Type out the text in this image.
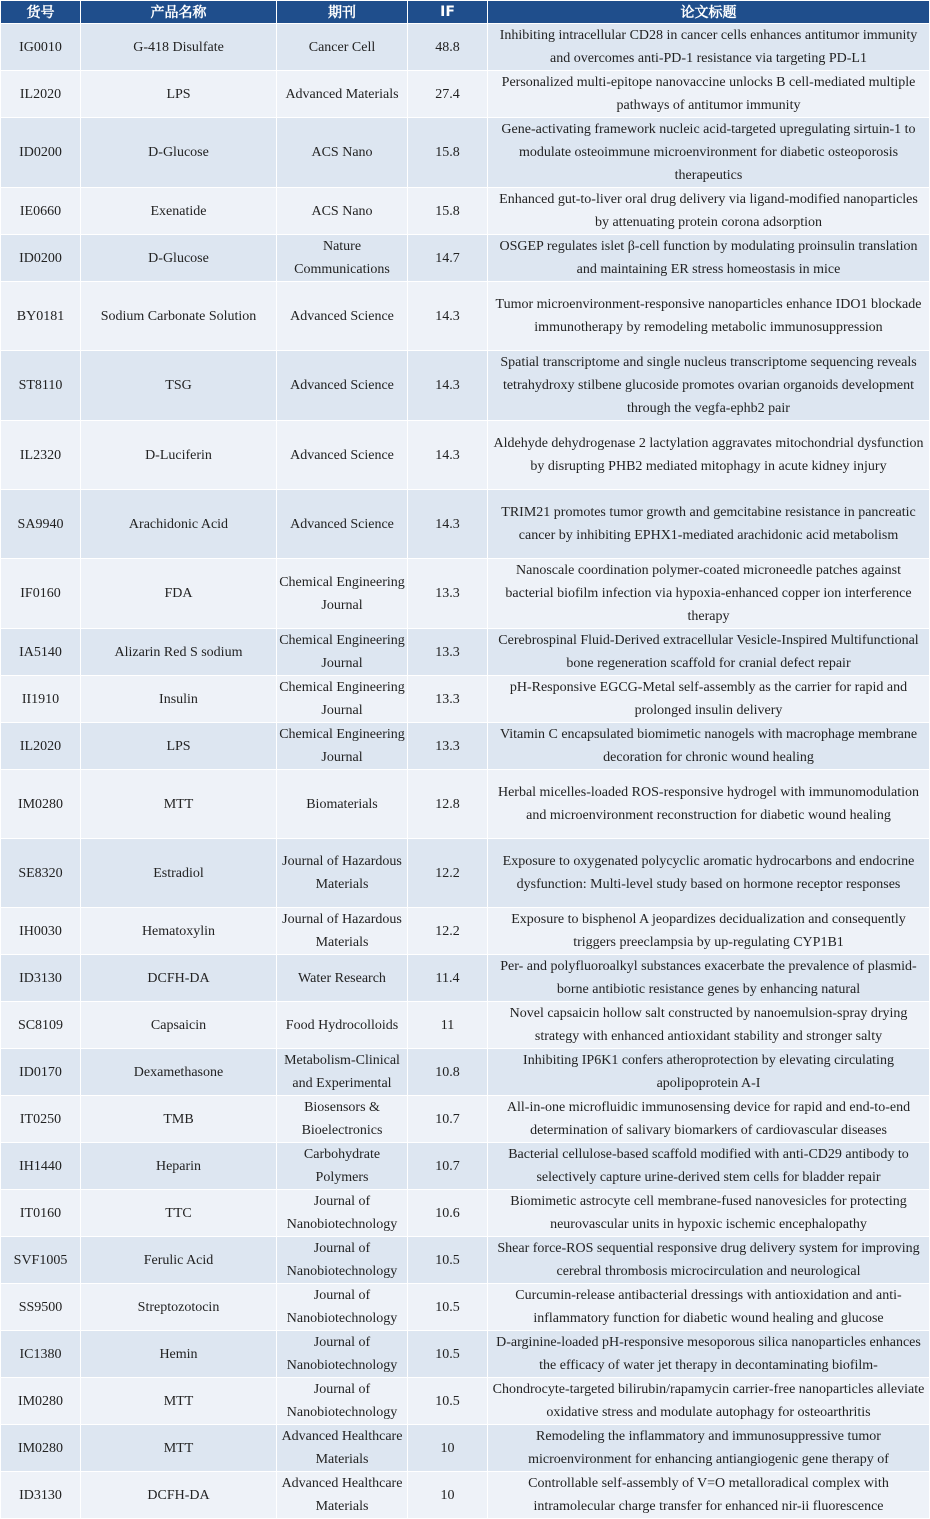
货号	产品名称	期刊	IF	论文标题
IG0010	G-418 Disulfate	Cancer Cell	48.8	Inhibiting intracellular CD28 in cancer cells enhances antitumor immunity and overcomes anti-PD-1 resistance via targeting PD-L1
IL2020	LPS	Advanced Materials	27.4	Personalized multi-epitope nanovaccine unlocks B cell-mediated multiple pathways of antitumor immunity
ID0200	D-Glucose	ACS Nano	15.8	Gene-activating framework nucleic acid-targeted upregulating sirtuin-1 to modulate osteoimmune microenvironment for diabetic osteoporosis therapeutics
IE0660	Exenatide	ACS Nano	15.8	Enhanced gut-to-liver oral drug delivery via ligand-modified nanoparticles by attenuating protein corona adsorption
ID0200	D-Glucose	Nature Communications	14.7	OSGEP regulates islet β-cell function by modulating proinsulin translation and maintaining ER stress homeostasis in mice
BY0181	Sodium Carbonate Solution	Advanced Science	14.3	Tumor microenvironment-responsive nanoparticles enhance IDO1 blockade immunotherapy by remodeling metabolic immunosuppression
ST8110	TSG	Advanced Science	14.3	Spatial transcriptome and single nucleus transcriptome sequencing reveals tetrahydroxy stilbene glucoside promotes ovarian organoids development through the vegfa-ephb2 pair
IL2320	D-Luciferin	Advanced Science	14.3	Aldehyde dehydrogenase 2 lactylation aggravates mitochondrial dysfunction by disrupting PHB2 mediated mitophagy in acute kidney injury
SA9940	Arachidonic Acid	Advanced Science	14.3	TRIM21 promotes tumor growth and gemcitabine resistance in pancreatic cancer by inhibiting EPHX1-mediated arachidonic acid metabolism
IF0160	FDA	Chemical Engineering Journal	13.3	Nanoscale coordination polymer-coated microneedle patches against bacterial biofilm infection via hypoxia-enhanced copper ion interference therapy
IA5140	Alizarin Red S sodium	Chemical Engineering Journal	13.3	Cerebrospinal Fluid-Derived extracellular Vesicle-Inspired Multifunctional bone regeneration scaffold for cranial defect repair
II1910	Insulin	Chemical Engineering Journal	13.3	pH-Responsive EGCG-Metal self-assembly as the carrier for rapid and prolonged insulin delivery
IL2020	LPS	Chemical Engineering Journal	13.3	Vitamin C encapsulated biomimetic nanogels with macrophage membrane decoration for chronic wound healing
IM0280	MTT	Biomaterials	12.8	Herbal micelles-loaded ROS-responsive hydrogel with immunomodulation and microenvironment reconstruction for diabetic wound healing
SE8320	Estradiol	Journal of Hazardous Materials	12.2	Exposure to oxygenated polycyclic aromatic hydrocarbons and endocrine dysfunction: Multi-level study based on hormone receptor responses
IH0030	Hematoxylin	Journal of Hazardous Materials	12.2	Exposure to bisphenol A jeopardizes decidualization and consequently triggers preeclampsia by up-regulating CYP1B1
ID3130	DCFH-DA	Water Research	11.4	Per- and polyfluoroalkyl substances exacerbate the prevalence of plasmid-borne antibiotic resistance genes by enhancing natural
SC8109	Capsaicin	Food Hydrocolloids	11	Novel capsaicin hollow salt constructed by nanoemulsion-spray drying strategy with enhanced antioxidant stability and stronger salty
ID0170	Dexamethasone	Metabolism-Clinical and Experimental	10.8	Inhibiting IP6K1 confers atheroprotection by elevating circulating apolipoprotein A-I
IT0250	TMB	Biosensors & Bioelectronics	10.7	All-in-one microfluidic immunosensing device for rapid and end-to-end determination of salivary biomarkers of cardiovascular diseases
IH1440	Heparin	Carbohydrate Polymers	10.7	Bacterial cellulose-based scaffold modified with anti-CD29 antibody to selectively capture urine-derived stem cells for bladder repair
IT0160	TTC	Journal of Nanobiotechnology	10.6	Biomimetic astrocyte cell membrane-fused nanovesicles for protecting neurovascular units in hypoxic ischemic encephalopathy
SVF1005	Ferulic Acid	Journal of Nanobiotechnology	10.5	Shear force-ROS sequential responsive drug delivery system for improving cerebral thrombosis microcirculation and neurological
SS9500	Streptozotocin	Journal of Nanobiotechnology	10.5	Curcumin-release antibacterial dressings with antioxidation and anti-inflammatory function for diabetic wound healing and glucose
IC1380	Hemin	Journal of Nanobiotechnology	10.5	D-arginine-loaded pH-responsive mesoporous silica nanoparticles enhances the efficacy of water jet therapy in decontaminating biofilm-
IM0280	MTT	Journal of Nanobiotechnology	10.5	Chondrocyte-targeted bilirubin/rapamycin carrier-free nanoparticles alleviate oxidative stress and modulate autophagy for osteoarthritis
IM0280	MTT	Advanced Healthcare Materials	10	Remodeling the inflammatory and immunosuppressive tumor microenvironment for enhancing antiangiogenic gene therapy of
ID3130	DCFH-DA	Advanced Healthcare Materials	10	Controllable self-assembly of V=O metalloradical complex with intramolecular charge transfer for enhanced nir-ii fluorescence
